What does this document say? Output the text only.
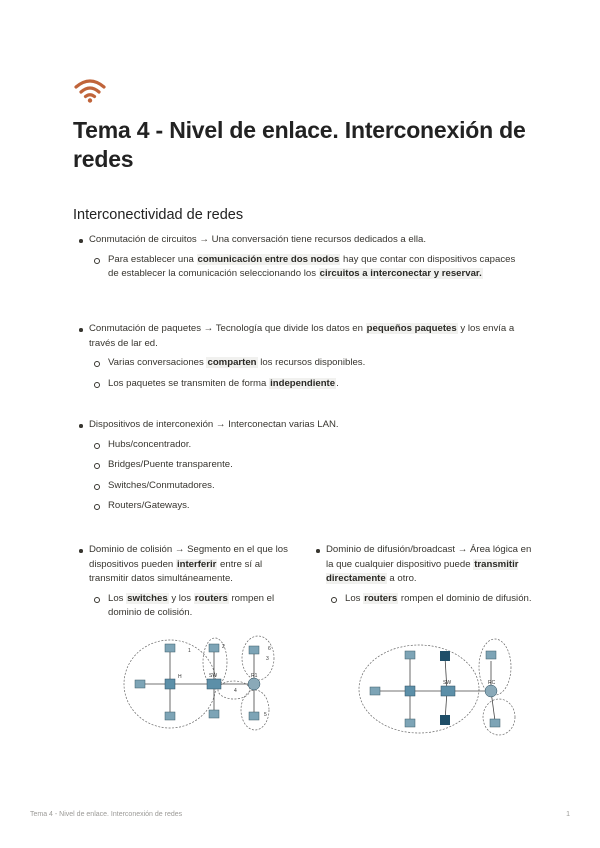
Tema 4 - Nivel de enlace. Interconexión de redes
Interconectividad de redes
Conmutación de circuitos → Una conversación tiene recursos dedicados a ella.
Para establecer una comunicación entre dos nodos hay que contar con dispositivos capaces de establecer la comunicación seleccionando los circuitos a interconectar y reservar.
Conmutación de paquetes → Tecnología que divide los datos en pequeños paquetes y los envía a través de lar ed.
Varias conversaciones comparten los recursos disponibles.
Los paquetes se transmiten de forma independiente.
Dispositivos de interconexión → Interconectan varias LAN.
Hubs/concentrador.
Bridges/Puente transparente.
Switches/Conmutadores.
Routers/Gateways.
Dominio de colisión → Segmento en el que los dispositivos pueden interferir entre sí al transmitir datos simultáneamente.
Los switches y los routers rompen el dominio de colisión.
Dominio de difusión/broadcast → Área lógica en la que cualquier dispositivo puede transmitir directamente a otro.
Los routers rompen el dominio de difusión.
H	SW	R1
1
2
3
4
5
6
SW	RC
Tema 4 - Nivel de enlace. Interconexión de redes	1
